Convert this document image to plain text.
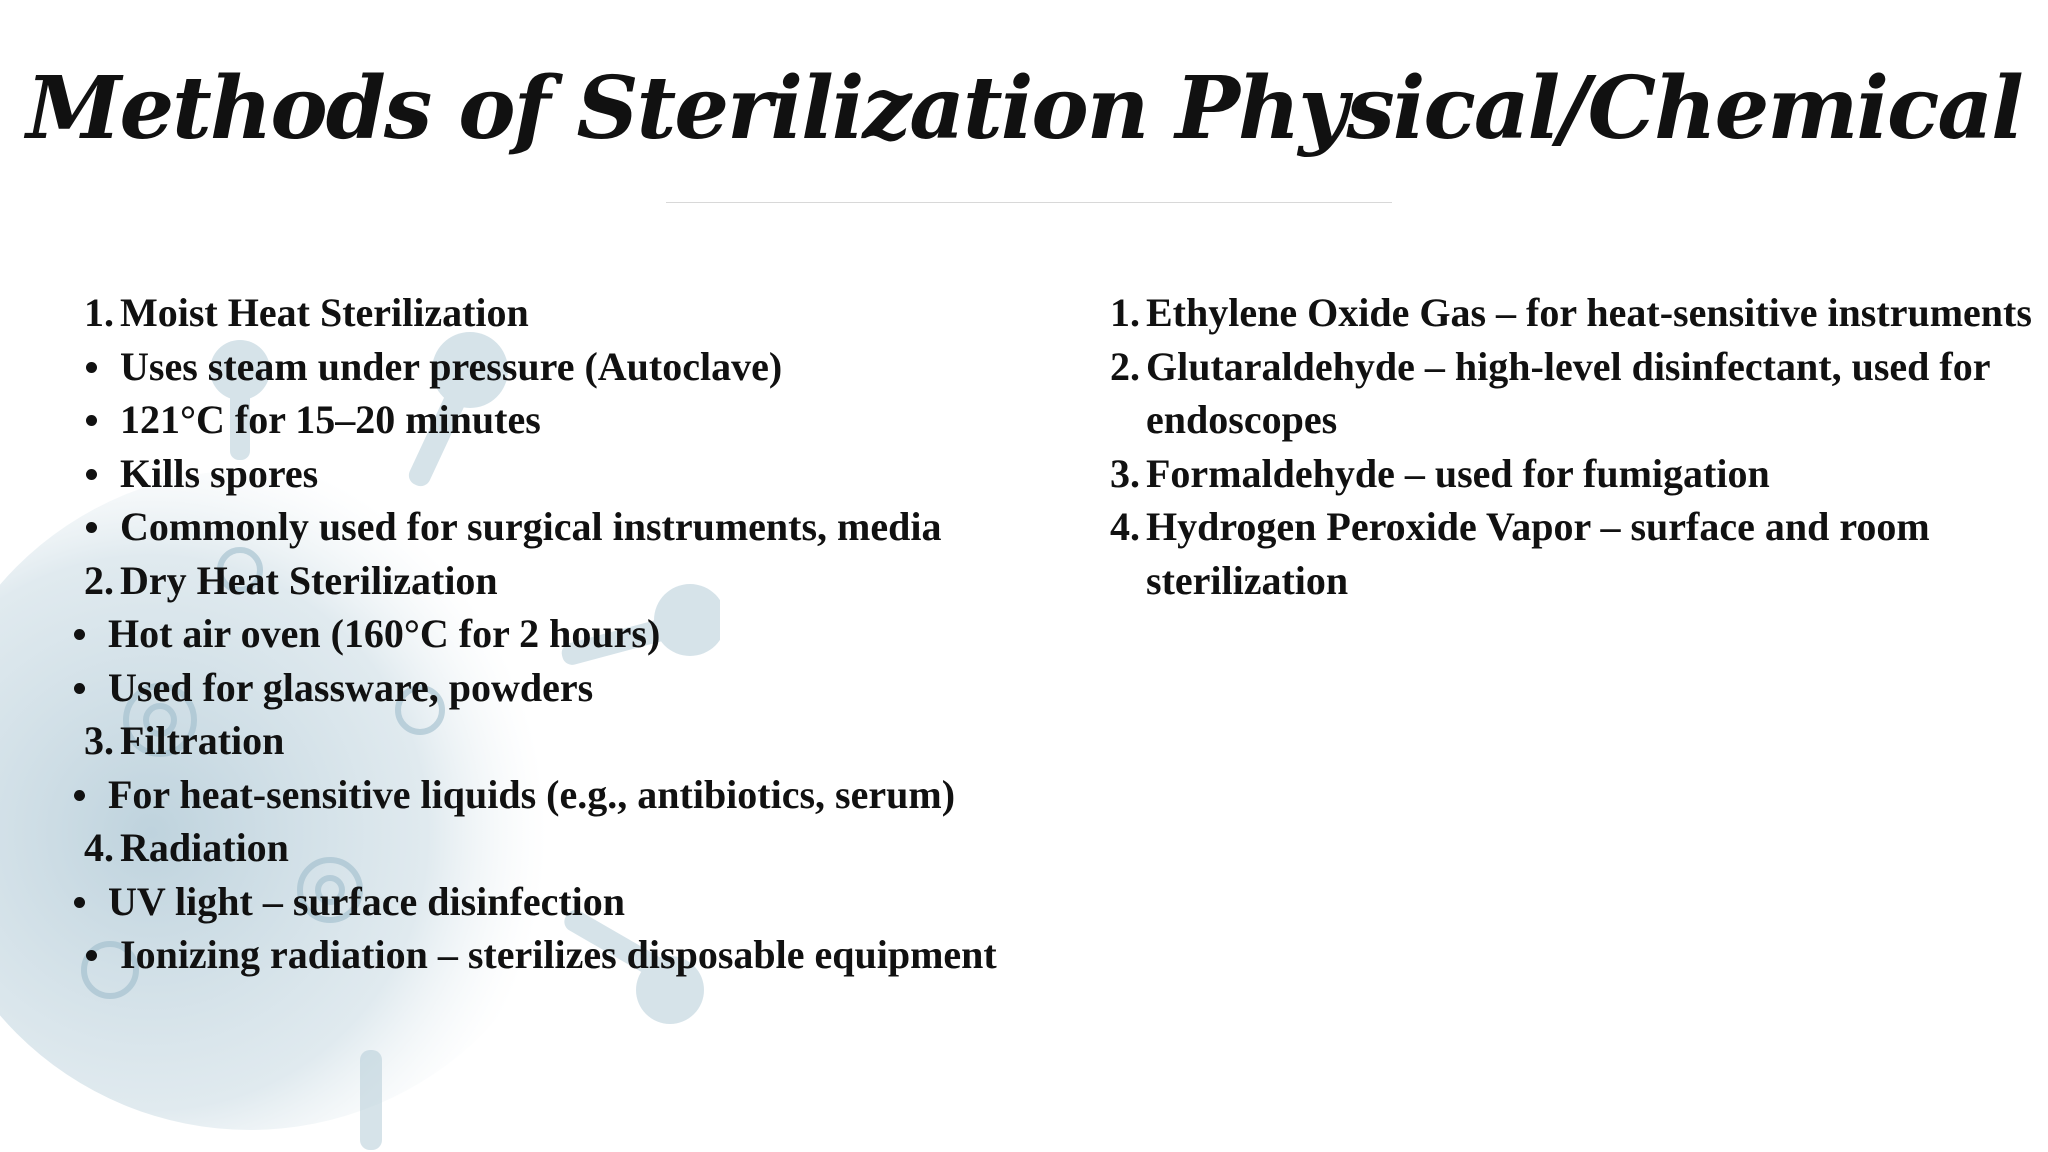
Methods of Sterilization Physical/Chemical
1. Moist Heat Sterilization
Uses steam under pressure (Autoclave)
121°C for 15–20 minutes
Kills spores
Commonly used for surgical instruments, media
2. Dry Heat Sterilization
Hot air oven (160°C for 2 hours)
Used for glassware, powders
3. Filtration
For heat-sensitive liquids (e.g., antibiotics, serum)
4. Radiation
UV light – surface disinfection
Ionizing radiation – sterilizes disposable equipment
1. Ethylene Oxide Gas – for heat-sensitive instruments
2. Glutaraldehyde – high-level disinfectant, used for endoscopes
3. Formaldehyde – used for fumigation
4. Hydrogen Peroxide Vapor – surface and room sterilization
